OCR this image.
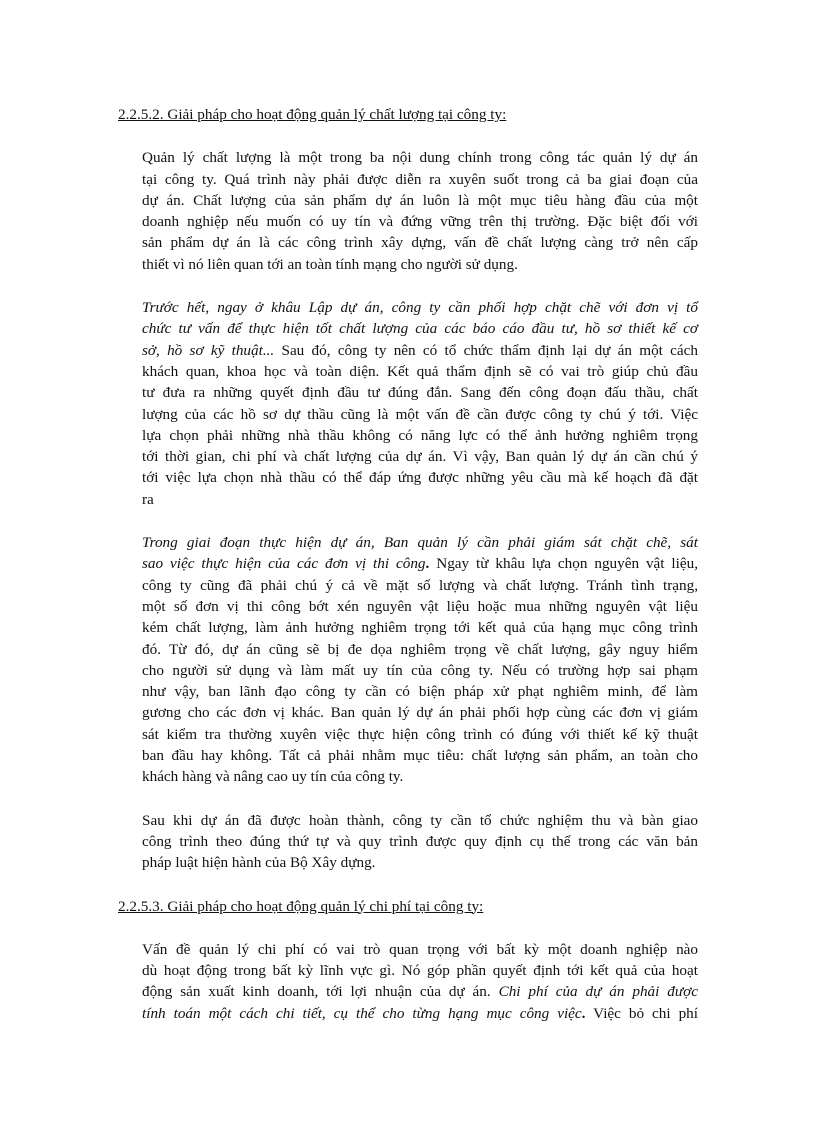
2.2.5.2. Giải pháp cho hoạt động quản lý chất lượng tại công ty:

Quản lý chất lượng là một trong ba nội dung chính trong công tác quản lý dự án
tại công ty. Quá trình này phải được diễn ra xuyên suốt trong cả ba giai đoạn của
dự án. Chất lượng của sản phẩm dự án luôn là một mục tiêu hàng đầu của một
doanh nghiệp nếu muốn có uy tín và đứng vững trên thị trường. Đặc biệt đối với
sản phẩm dự án là các công trình xây dựng, vấn đề chất lượng càng trở nên cấp
thiết vì nó liên quan tới an toàn tính mạng cho người sử dụng.

Trước hết, ngay ở khâu Lập dự án, công ty cần phối hợp chặt chẽ với đơn vị tổ
chức tư vấn để thực hiện tốt chất lượng của các báo cáo đầu tư, hồ sơ thiết kế cơ
sở, hồ sơ kỹ thuật... Sau đó, công ty nên có tổ chức thẩm định lại dự án một cách
khách quan, khoa học và toàn diện. Kết quả thẩm định sẽ có vai trò giúp chủ đầu
tư đưa ra những quyết định đầu tư đúng đắn. Sang đến công đoạn đấu thầu, chất
lượng của các hồ sơ dự thầu cũng là một vấn đề cần được công ty chú ý tới. Việc
lựa chọn phải những nhà thầu không có năng lực có thể ảnh hưởng nghiêm trọng
tới thời gian, chi phí và chất lượng của dự án. Vì vậy, Ban quản lý dự án cần chú ý
tới việc lựa chọn nhà thầu có thể đáp ứng được những yêu cầu mà kế hoạch đã đặt
ra

Trong giai đoạn thực hiện dự án, Ban quản lý cần phải giám sát chặt chẽ, sát
sao việc thực hiện của các đơn vị thi công. Ngay từ khâu lựa chọn nguyên vật liệu,
công ty cũng đã phải chú ý cả về mặt số lượng và chất lượng. Tránh tình trạng,
một số đơn vị thi công bớt xén nguyên vật liệu hoặc mua những nguyên vật liệu
kém chất lượng, làm ảnh hưởng nghiêm trọng tới kết quả của hạng mục công trình
đó. Từ đó, dự án cũng sẽ bị đe dọa nghiêm trọng về chất lượng, gây nguy hiểm
cho người sử dụng và làm mất uy tín của công ty. Nếu có trường hợp sai phạm
như vậy, ban lãnh đạo công ty cần có biện pháp xử phạt nghiêm minh, để làm
gương cho các đơn vị khác. Ban quản lý dự án phải phối hợp cùng các đơn vị giám
sát kiểm tra thường xuyên việc thực hiện công trình có đúng với thiết kế kỹ thuật
ban đầu hay không. Tất cả phải nhằm mục tiêu: chất lượng sản phẩm, an toàn cho
khách hàng và nâng cao uy tín của công ty.

Sau khi dự án đã được hoàn thành, công ty cần tổ chức nghiệm thu và bàn giao
công trình theo đúng thứ tự và quy trình được quy định cụ thể trong các văn bản
pháp luật hiện hành của Bộ Xây dựng.

2.2.5.3. Giải pháp cho hoạt động quản lý chi phí tại công ty:

Vấn đề quản lý chi phí có vai trò quan trọng với bất kỳ một doanh nghiệp nào
dù hoạt động trong bất kỳ lĩnh vực gì. Nó góp phần quyết định tới kết quả của hoạt
động sản xuất kinh doanh, tới lợi nhuận của dự án. Chi phí của dự án phải được
tính toán một cách chi tiết, cụ thể cho từng hạng mục công việc. Việc bỏ chi phí
